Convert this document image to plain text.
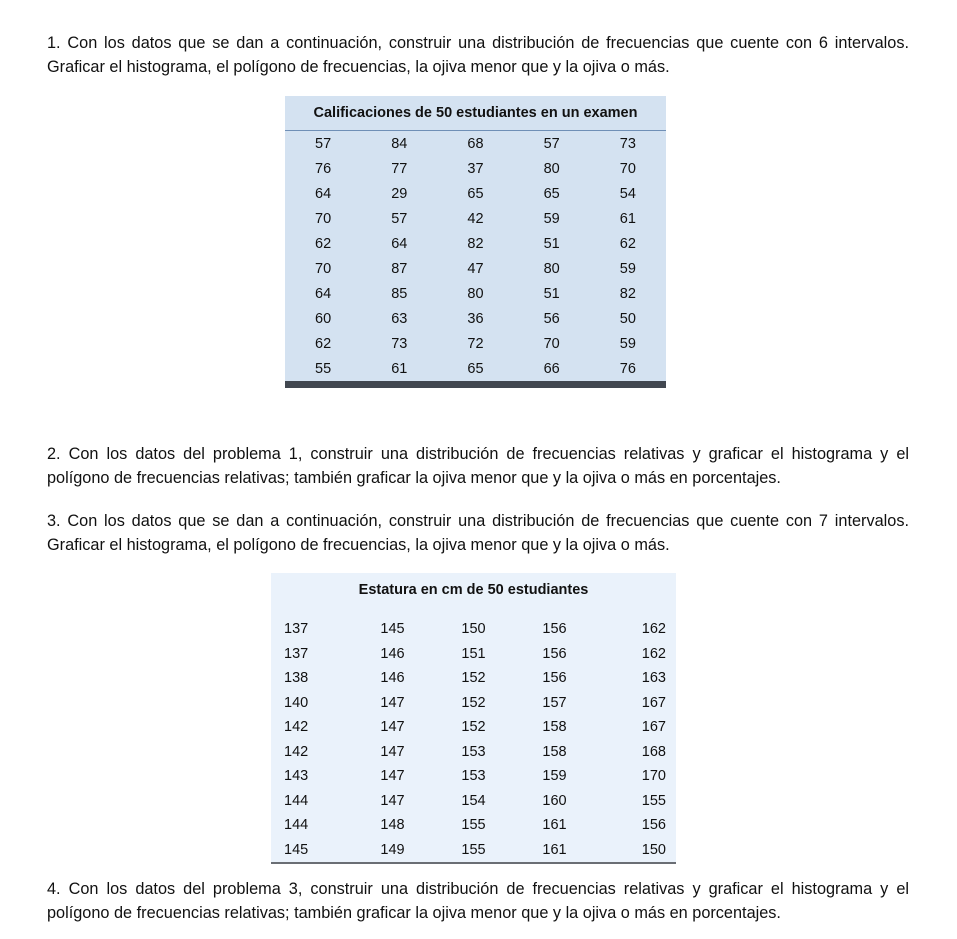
1. Con los datos que se dan a continuación, construir una distribución de frecuencias que cuente con 6 intervalos. Graficar el histograma, el polígono de frecuencias, la ojiva menor que y la ojiva o más.

Calificaciones de 50 estudiantes en un examen				
57	84	68	57	73
76	77	37	80	70
64	29	65	65	54
70	57	42	59	61
62	64	82	51	62
70	87	47	80	59
64	85	80	51	82
60	63	36	56	50
62	73	72	70	59
55	61	65	66	76

2. Con los datos del problema 1, construir una distribución de frecuencias relativas y graficar el histograma y el polígono de frecuencias relativas; también graficar la ojiva menor que y la ojiva o más en porcentajes.

3. Con los datos que se dan a continuación, construir una distribución de frecuencias que cuente con 7 intervalos. Graficar el histograma, el polígono de frecuencias, la ojiva menor que y la ojiva o más.

Estatura en cm de 50 estudiantes				

137	145	150	156	162
137	146	151	156	162
138	146	152	156	163
140	147	152	157	167
142	147	152	158	167
142	147	153	158	168
143	147	153	159	170
144	147	154	160	155
144	148	155	161	156
145	149	155	161	150

4. Con los datos del problema 3, construir una distribución de frecuencias relativas y graficar el histograma y el polígono de frecuencias relativas; también graficar la ojiva menor que y la ojiva o más en porcentajes.
